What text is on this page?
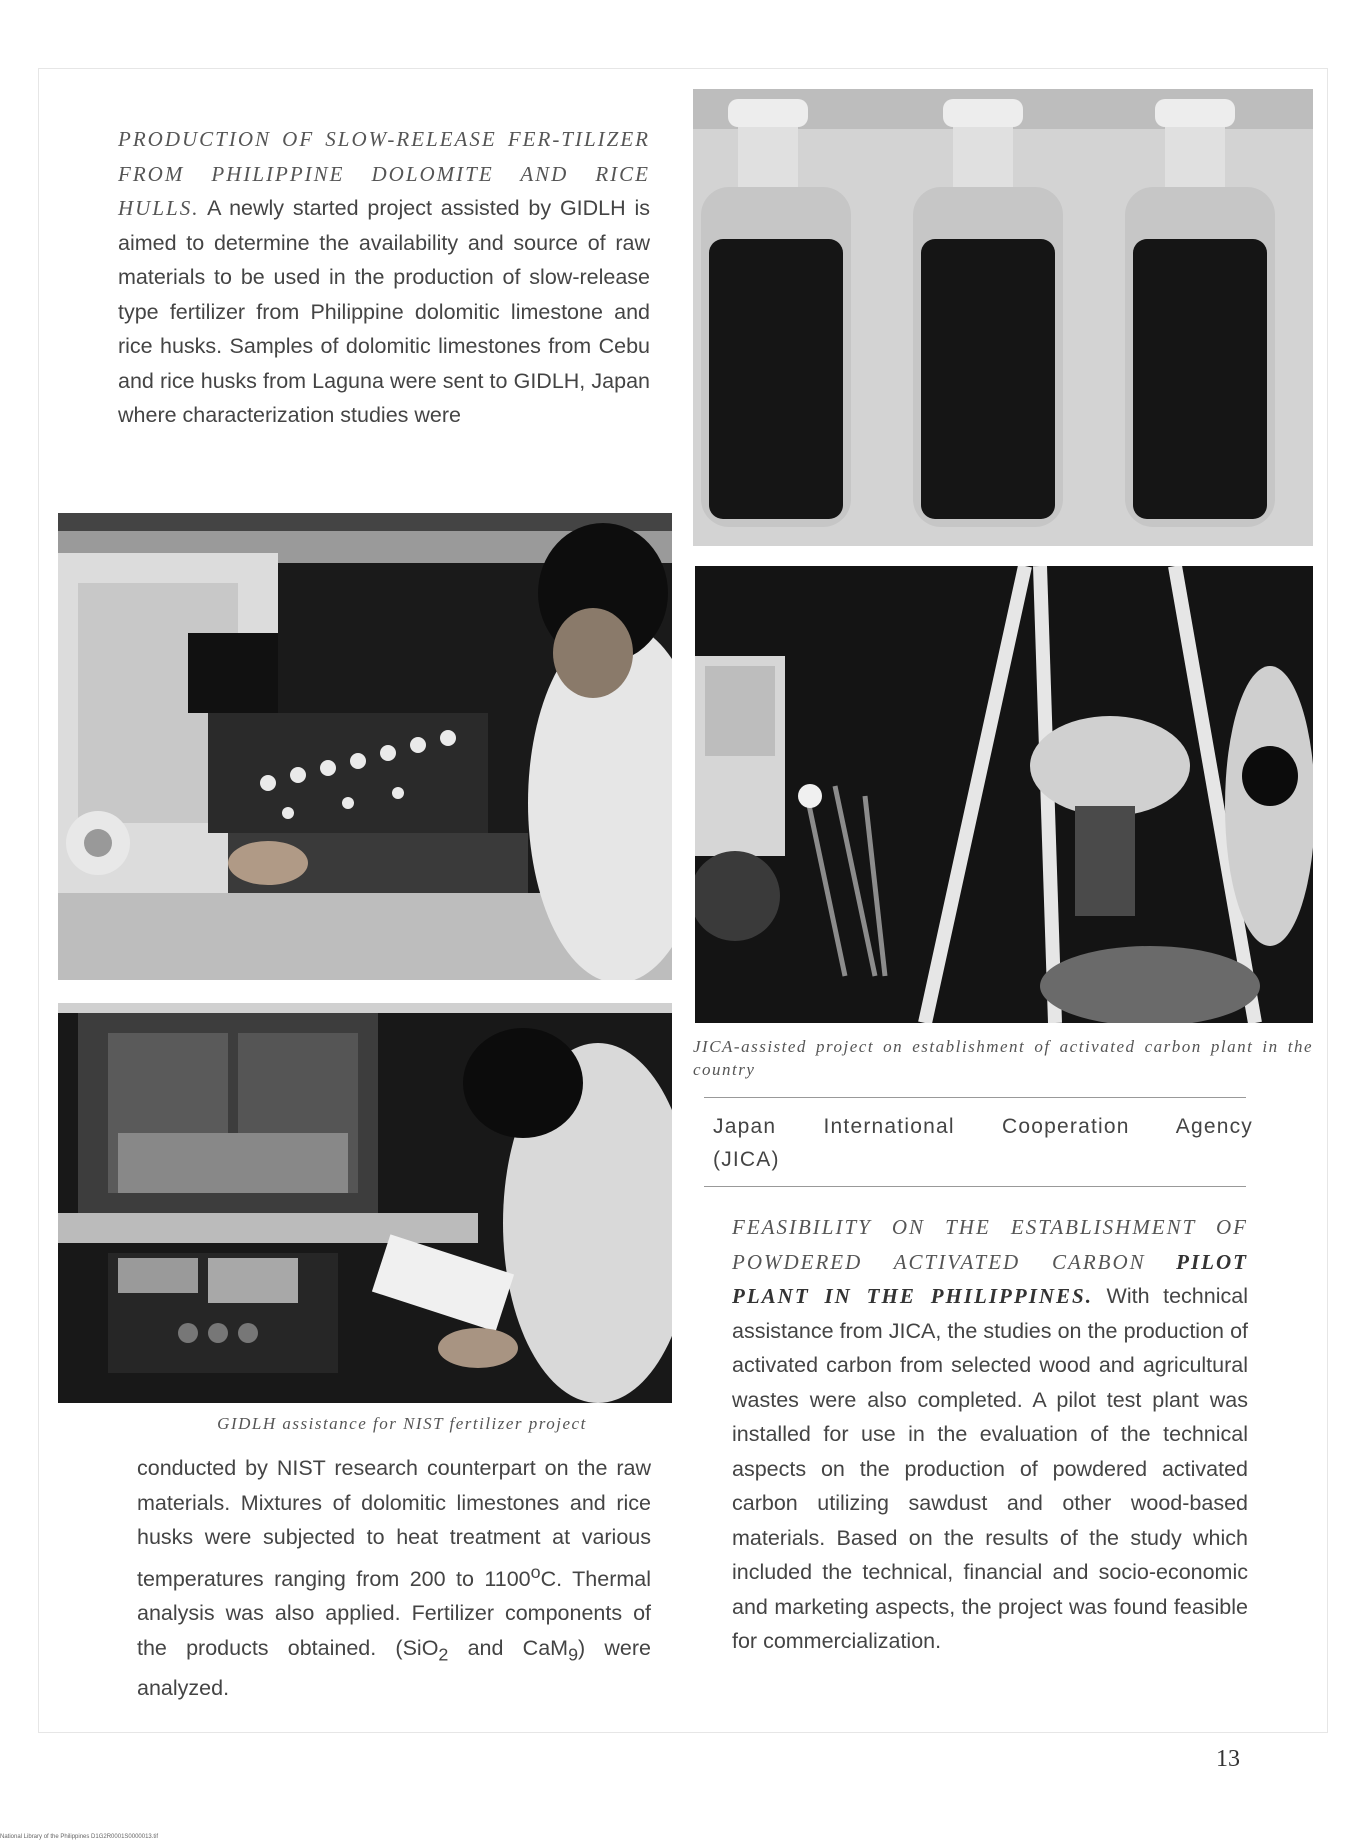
PRODUCTION OF SLOW-RELEASE FER-TILIZER FROM PHILIPPINE DOLOMITE AND RICE HULLS. A newly started project assisted by GIDLH is aimed to determine the availability and source of raw materials to be used in the production of slow-release type fertilizer from Philippine dolomitic limestone and rice husks. Samples of dolomitic limestones from Cebu and rice husks from Laguna were sent to GIDLH, Japan where characterization studies were
GIDLH assistance for NIST fertilizer project
conducted by NIST research counterpart on the raw materials. Mixtures of dolomitic limestones and rice husks were subjected to heat treatment at various temperatures ranging from 200 to 1100$^o$C. Thermal analysis was also applied. Fertilizer components of the products obtained. (SiO$_2$ and CaM$_9$) were analyzed.
JICA-assisted project on establishment of activated carbon plant in the country
Japan International Cooperation Agency (JICA)
FEASIBILITY ON THE ESTABLISHMENT OF POWDERED ACTIVATED CARBON PILOT PLANT IN THE PHILIPPINES. With technical assistance from JICA, the studies on the production of activated carbon from selected wood and agricultural wastes were also completed. A pilot test plant was installed for use in the evaluation of the technical aspects on the production of powdered activated carbon utilizing sawdust and other wood-based materials. Based on the results of the study which included the technical, financial and socio-economic and marketing aspects, the project was found feasible for commercialization.
13
National Library of the Philippines D1G2R0001S0000013.tif
